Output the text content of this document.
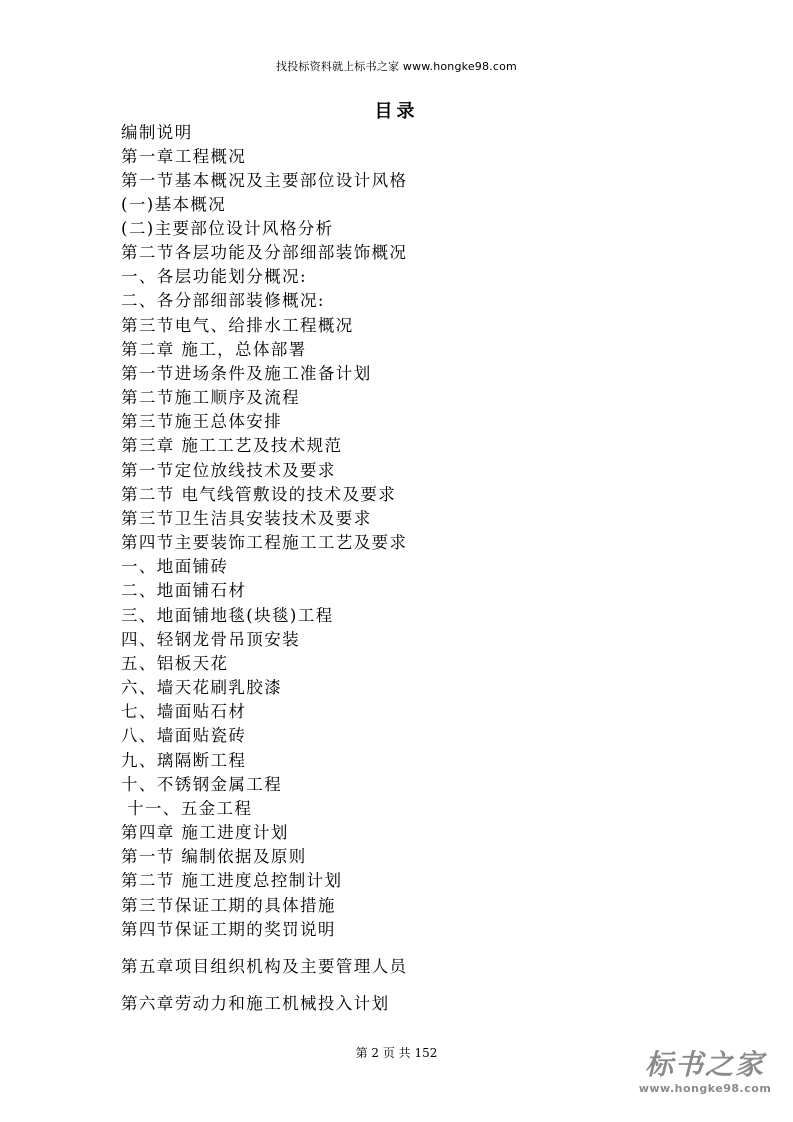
找投标资料就上标书之家 www.hongke98.com
目录
编制说明
第一章工程概况
第一节基本概况及主要部位设计风格
(一)基本概况
(二)主要部位设计风格分析
第二节各层功能及分部细部装饰概况
一、各层功能划分概况:
二、各分部细部装修概况:
第三节电气、给排水工程概况
第二章 施工，总体部署
第一节进场条件及施工准备计划
第二节施工顺序及流程
第三节施王总体安排
第三章 施工工艺及技术规范
第一节定位放线技术及要求
第二节 电气线管敷设的技术及要求
第三节卫生洁具安装技术及要求
第四节主要装饰工程施工工艺及要求
一、地面铺砖
二、地面铺石材
三、地面铺地毯(块毯)工程
四、轻钢龙骨吊顶安装
五、铝板天花
六、墙天花刷乳胶漆
七、墙面贴石材
八、墙面贴瓷砖
九、璃隔断工程
十、不锈钢金属工程
十一、五金工程
第四章 施工进度计划
第一节 编制依据及原则
第二节 施工进度总控制计划
第三节保证工期的具体措施
第四节保证工期的奖罚说明
第五章项目组织机构及主要管理人员
第六章劳动力和施工机械投入计划
第 2 页 共 152	标书之家
www.hongke98.com
